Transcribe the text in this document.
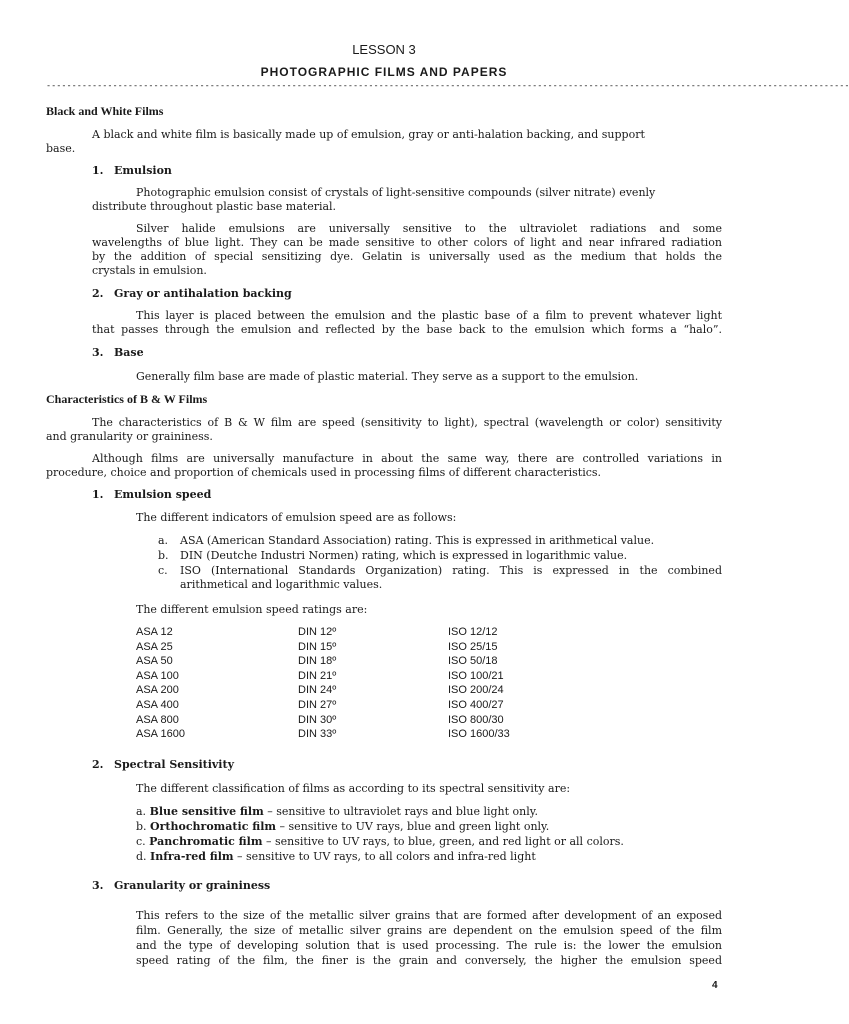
LESSON 3
PHOTOGRAPHIC FILMS AND PAPERS
-------------------------------------------------------------------------------------------------------------------------------------------------------------
Black and White Films
A black and white film is basically made up of emulsion, gray or anti-halation backing, and support
base.
1. Emulsion
Photographic emulsion consist of crystals of light-sensitive compounds (silver nitrate) evenly
distribute throughout plastic base material.
Silver halide emulsions are universally sensitive to the ultraviolet radiations and some
wavelengths of blue light. They can be made sensitive to other colors of light and near infrared radiation
by the addition of special sensitizing dye. Gelatin is universally used as the medium that holds the
crystals in emulsion.
2. Gray or antihalation backing
This layer is placed between the emulsion and the plastic base of a film to prevent whatever light
that passes through the emulsion and reflected by the base back to the emulsion which forms a “halo”.
3. Base
Generally film base are made of plastic material. They serve as a support to the emulsion.
Characteristics of B & W Films
The characteristics of B & W film are speed (sensitivity to light), spectral (wavelength or color) sensitivity
and granularity or graininess.
Although films are universally manufacture in about the same way, there are controlled variations in
procedure, choice and proportion of chemicals used in processing films of different characteristics.
1. Emulsion speed
The different indicators of emulsion speed are as follows:
a. ASA (American Standard Association) rating. This is expressed in arithmetical value.
b. DIN (Deutche Industri Normen) rating, which is expressed in logarithmic value.
c. ISO (International Standards Organization) rating. This is expressed in the combined
arithmetical and logarithmic values.
The different emulsion speed ratings are:
ASA 12	DIN 12º	ISO 12/12
ASA 25	DIN 15º	ISO 25/15
ASA 50	DIN 18º	ISO 50/18
ASA 100	DIN 21º	ISO 100/21
ASA 200	DIN 24º	ISO 200/24
ASA 400	DIN 27º	ISO 400/27
ASA 800	DIN 30º	ISO 800/30
ASA 1600	DIN 33º	ISO 1600/33
2. Spectral Sensitivity
The different classification of films as according to its spectral sensitivity are:
a. Blue sensitive film – sensitive to ultraviolet rays and blue light only.
b. Orthochromatic film – sensitive to UV rays, blue and green light only.
c. Panchromatic film – sensitive to UV rays, to blue, green, and red light or all colors.
d. Infra-red film – sensitive to UV rays, to all colors and infra-red light
3. Granularity or graininess
This refers to the size of the metallic silver grains that are formed after development of an exposed
film. Generally, the size of metallic silver grains are dependent on the emulsion speed of the film
and the type of developing solution that is used processing. The rule is: the lower the emulsion
speed rating of the film, the finer is the grain and conversely, the higher the emulsion speed
4
